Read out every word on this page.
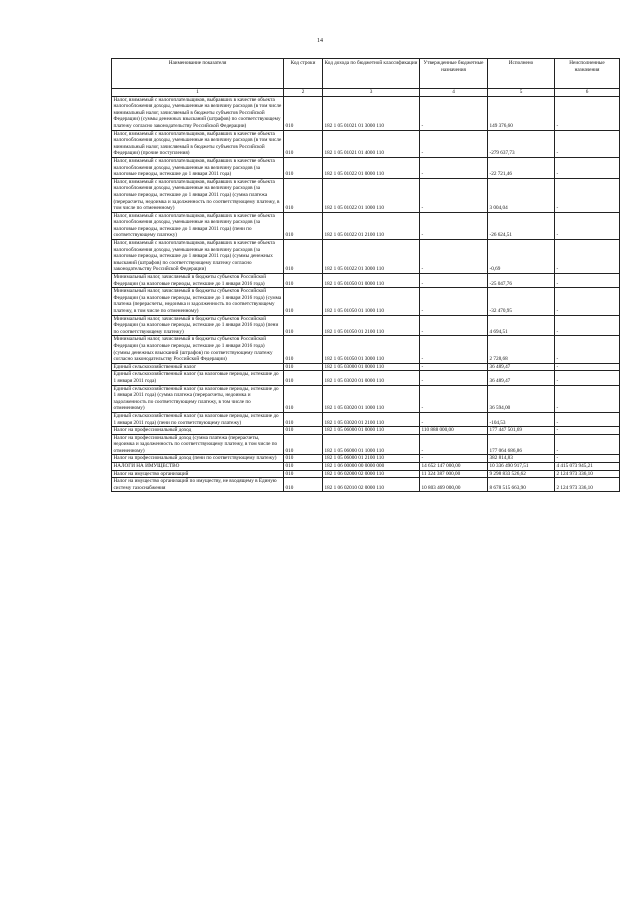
14
Наименование показателя	Код строки	Код дохода по бюджетной классификации	Утвержденные бюджетные назначения	Исполнено	Неисполненные назначения
1	2	3	4	5	6

Налог, взимаемый с налогоплательщиков, выбравших в качестве объекта налогообложения доходы, уменьшенные на величину расходов (в том числе минимальный налог, зачисляемый в бюджеты субъектов Российской Федерации) (суммы денежных взысканий (штрафов) по соответствующему платежу согласно законодательству Российской Федерации)	010	182 1 05 01021 01 3000 110	-	149 376,60	-

Налог, взимаемый с налогоплательщиков, выбравших в качестве объекта налогообложения доходы, уменьшенные на величину расходов (в том числе минимальный налог, зачисляемый в бюджеты субъектов Российской Федерации) (прочие поступления)	010	182 1 05 01021 01 4000 110	-	-279 637,73	-

Налог, взимаемый с налогоплательщиков, выбравших в качестве объекта налогообложения доходы, уменьшенные на величину расходов (за налоговые периоды, истекшие до 1 января 2011 года)	010	182 1 05 01022 01 0000 110	-	-22 721,46	-

Налог, взимаемый с налогоплательщиков, выбравших в качестве объекта налогообложения доходы, уменьшенные на величину расходов (за налоговые периоды, истекшие до 1 января 2011 года) (сумма платежа (перерасчеты, недоимка и задолженность по соответствующему платежу, в том числе по отмененному)	010	182 1 05 01022 01 1000 110	-	3 004,04	-

Налог, взимаемый с налогоплательщиков, выбравших в качестве объекта налогообложения доходы, уменьшенные на величину расходов (за налоговые периоды, истекшие до 1 января 2011 года) (пени по соответствующему платежу)	010	182 1 05 01022 01 2100 110	-	-26 624,51	-

Налог, взимаемый с налогоплательщиков, выбравших в качестве объекта налогообложения доходы, уменьшенные на величину расходов (за налоговые периоды, истекшие до 1 января 2011 года) (суммы денежных взысканий (штрафов) по соответствующему платежу согласно законодательству Российской Федерации)	010	182 1 05 01022 01 3000 110	-	-0,69	-

Минимальный налог, зачисляемый в бюджеты субъектов Российской Федерации (за налоговые периоды, истекшие до 1 января 2016 года)	010	182 1 05 01050 01 0000 110	-	-25 047,76	-

Минимальный налог, зачисляемый в бюджеты субъектов Российской Федерации (за налоговые периоды, истекшие до 1 января 2016 года) (сумма платежа (перерасчеты, недоимка и задолженность по соответствующему платежу, в том числе по отмененному)	010	182 1 05 01050 01 1000 110	-	-32 470,95	-

Минимальный налог, зачисляемый в бюджеты субъектов Российской Федерации (за налоговые периоды, истекшие до 1 января 2016 года) (пени по соответствующему платежу)	010	182 1 05 01050 01 2100 110	-	4 694,51	-

Минимальный налог, зачисляемый в бюджеты субъектов Российской Федерации (за налоговые периоды, истекшие до 1 января 2016 года) (суммы денежных взысканий (штрафов) по соответствующему платежу согласно законодательству Российской Федерации)	010	182 1 05 01050 01 3000 110	-	2 728,68	-

Единый сельскохозяйственный налог	010	182 1 05 03000 01 0000 110	-	36 489,47	-

Единый сельскохозяйственный налог (за налоговые периоды, истекшие до 1 января 2011 года)	010	182 1 05 03020 01 0000 110	-	36 489,47	-

Единый сельскохозяйственный налог (за налоговые периоды, истекшие до 1 января 2011 года) (сумма платежа (перерасчеты, недоимка и задолженность по соответствующему платежу, в том числе по отмененному)	010	182 1 05 03020 01 1000 110	-	36 594,00	-

Единый сельскохозяйственный налог (за налоговые периоды, истекшие до 1 января 2011 года) (пени по соответствующему платежу)	010	182 1 05 03020 01 2100 110	-	-104,53	-

Налог на профессиональный доход	010	182 1 05 06000 01 0000 110	110 888 000,00	177 447 501,69	-

Налог на профессиональный доход (сумма платежа (перерасчеты, недоимка и задолженность по соответствующему платежу, в том числе по отмененному)	010	182 1 05 06000 01 1000 110	-	177 064 686,86	-

Налог на профессиональный доход (пени по соответствующему платежу)	010	182 1 05 06000 01 2100 110	-	382 814,83	-

НАЛОГИ НА ИМУЩЕСТВО	010	182 1 06 00000 00 0000 000	14 652 147 000,00	10 336 490 917,51	4 415 073 945,21

Налог на имущество организаций	010	182 1 06 02000 02 0000 110	11 324 387 000,00	9 298 833 526,62	2 124 973 336,10

Налог на имущество организаций по имуществу, не входящему в Единую систему газоснабжения	010	182 1 06 02010 02 0000 110	10 803 469 000,00	8 678 515 663,90	2 124 973 336,10
